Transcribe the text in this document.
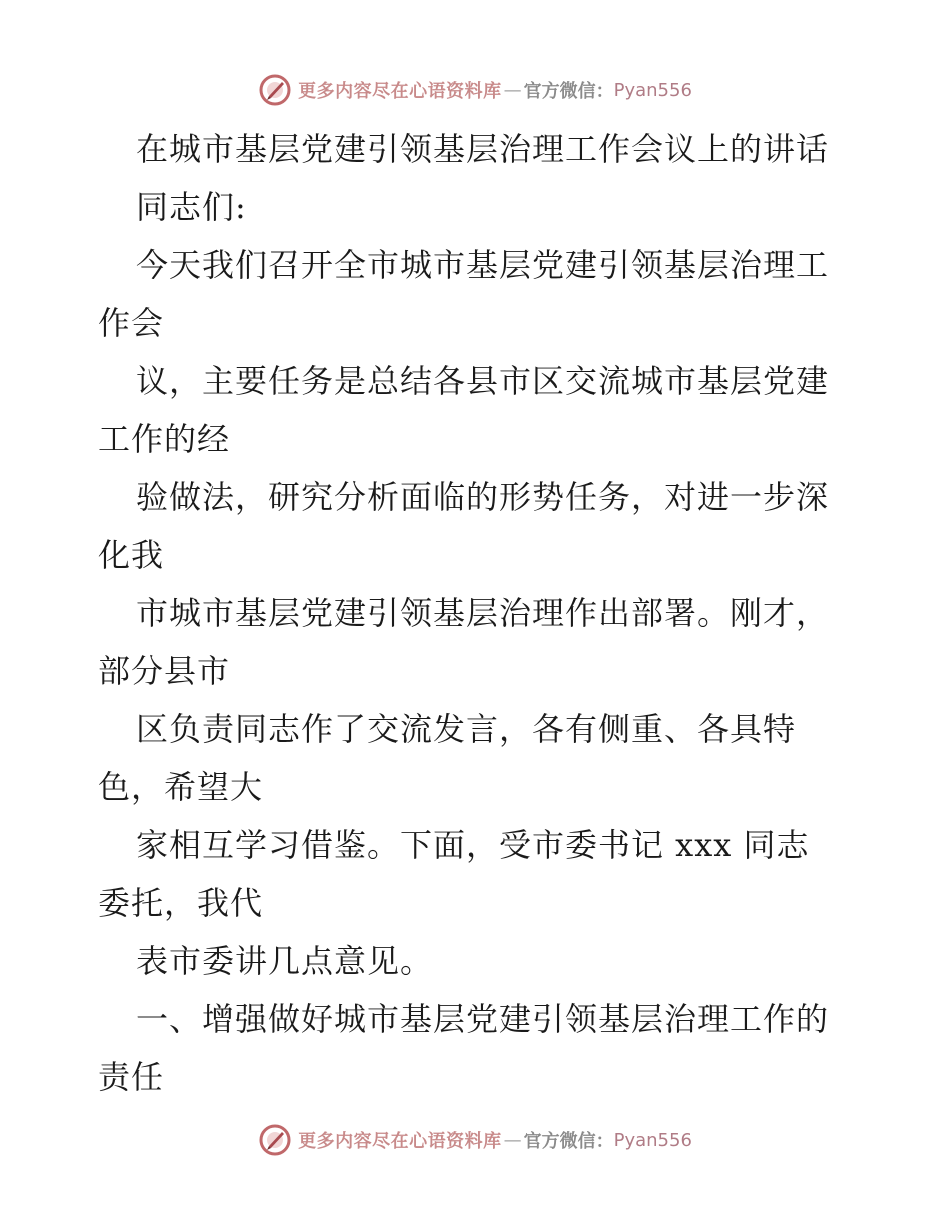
更多内容尽在心语资料库 — 官方微信： Pyan556
在城市基层党建引领基层治理工作会议上的讲话
同志们:
今天我们召开全市城市基层党建引领基层治理工
作会
议，主要任务是总结各县市区交流城市基层党建
工作的经
验做法，研究分析面临的形势任务，对进一步深
化我
市城市基层党建引领基层治理作出部署。刚才，
部分县市
区负责同志作了交流发言，各有侧重、各具特
色，希望大
家相互学习借鉴。下面，受市委书记 xxx 同志
委托，我代
表市委讲几点意见。
一、增强做好城市基层党建引领基层治理工作的
责任
更多内容尽在心语资料库 — 官方微信： Pyan556
